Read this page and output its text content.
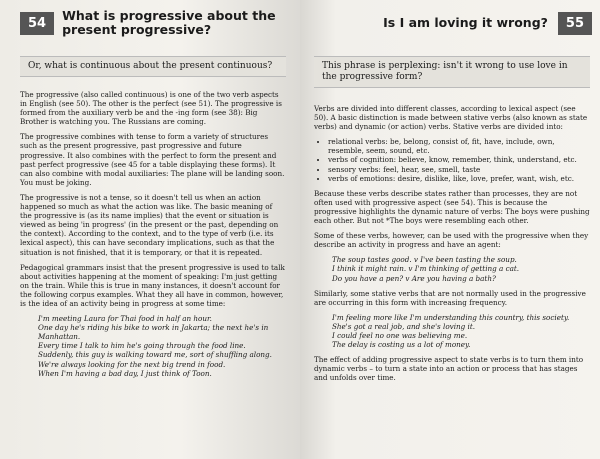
54	What is progressive about the present progressive?
Or, what is continuous about the present continuous?

The progressive (also called continuous) is one of the two verb aspects in English (see 50). The other is the perfect (see 51). The progressive is formed from the auxiliary verb be and the -ing form (see 38): Big Brother is watching you. The Russians are coming.

The progressive combines with tense to form a variety of structures such as the present progressive, past progressive and future progressive. It also combines with the perfect to form the present and past perfect progressive (see 45 for a table displaying these forms). It can also combine with modal auxiliaries: The plane will be landing soon. You must be joking.

The progressive is not a tense, so it doesn't tell us when an action happened so much as what the action was like. The basic meaning of the progressive is (as its name implies) that the event or situation is viewed as being 'in progress' (in the present or the past, depending on the context). According to the context, and to the type of verb (i.e. its lexical aspect), this can have secondary implications, such as that the situation is not finished, that it is temporary, or that it is repeated.

Pedagogical grammars insist that the present progressive is used to talk about activities happening at the moment of speaking: I'm just getting on the train. While this is true in many instances, it doesn't account for the following corpus examples. What they all have in common, however, is the idea of an activity being in progress at some time:

I'm meeting Laura for Thai food in half an hour.
One day he's riding his bike to work in Jakarta; the next he's in Manhattan.
Every time I talk to him he's going through the food line.
Suddenly, this guy is walking toward me, sort of shuffling along.
We're always looking for the next big trend in food.
When I'm having a bad day, I just think of Toon.
Is I am loving it wrong?	55
This phrase is perplexing: isn't it wrong to use love in the progressive form?

Verbs are divided into different classes, according to lexical aspect (see 50). A basic distinction is made between stative verbs (also known as state verbs) and dynamic (or action) verbs. Stative verbs are divided into:

• relational verbs: be, belong, consist of, fit, have, include, own, resemble, seem, sound, etc.
• verbs of cognition: believe, know, remember, think, understand, etc.
• sensory verbs: feel, hear, see, smell, taste
• verbs of emotions: desire, dislike, like, love, prefer, want, wish, etc.

Because these verbs describe states rather than processes, they are not often used with progressive aspect (see 54). This is because the progressive highlights the dynamic nature of verbs: The boys were pushing each other. But not *The boys were resembling each other.

Some of these verbs, however, can be used with the progressive when they describe an activity in progress and have an agent:

The soup tastes good. v I've been tasting the soup.
I think it might rain. v I'm thinking of getting a cat.
Do you have a pen? v Are you having a bath?

Similarly, some stative verbs that are not normally used in the progressive are occurring in this form with increasing frequency.

I'm feeling more like I'm understanding this country, this society.
She's got a real job, and she's loving it.
I could feel no one was believing me.
The delay is costing us a lot of money.

The effect of adding progressive aspect to state verbs is to turn them into dynamic verbs – to turn a state into an action or process that has stages and unfolds over time.
